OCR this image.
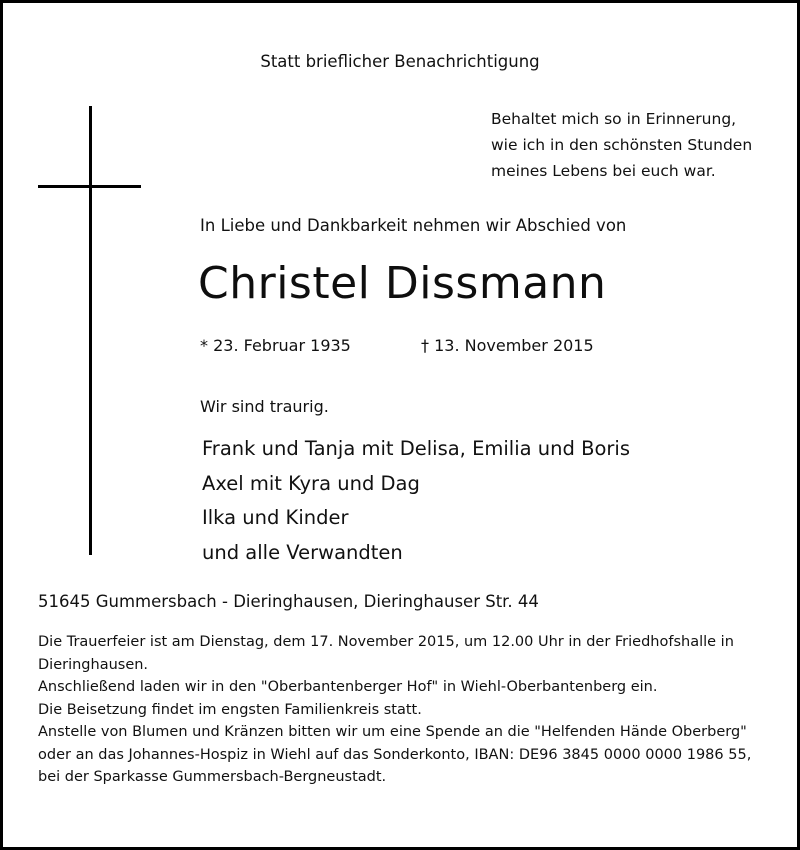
Statt brieflicher Benachrichtigung
Behaltet mich so in Erinnerung,
wie ich in den schönsten Stunden
meines Lebens bei euch war.
In Liebe und Dankbarkeit nehmen wir Abschied von
Christel Dissmann
* 23. Februar 1935	† 13. November 2015
Wir sind traurig.
Frank und Tanja mit Delisa, Emilia und Boris
Axel mit Kyra und Dag
Ilka und Kinder
und alle Verwandten
51645 Gummersbach - Dieringhausen, Dieringhauser Str. 44

Die Trauerfeier ist am Dienstag, dem 17. November 2015, um 12.00 Uhr in der Friedhofshalle in Dieringhausen.

Anschließend laden wir in den "Oberbantenberger Hof" in Wiehl-Oberbantenberg ein.

Die Beisetzung findet im engsten Familienkreis statt.

Anstelle von Blumen und Kränzen bitten wir um eine Spende an die "Helfenden Hände Oberberg" oder an das Johannes-Hospiz in Wiehl auf das Sonderkonto, IBAN: DE96 3845 0000 0000 1986 55, bei der Sparkasse Gummersbach-Bergneustadt.
